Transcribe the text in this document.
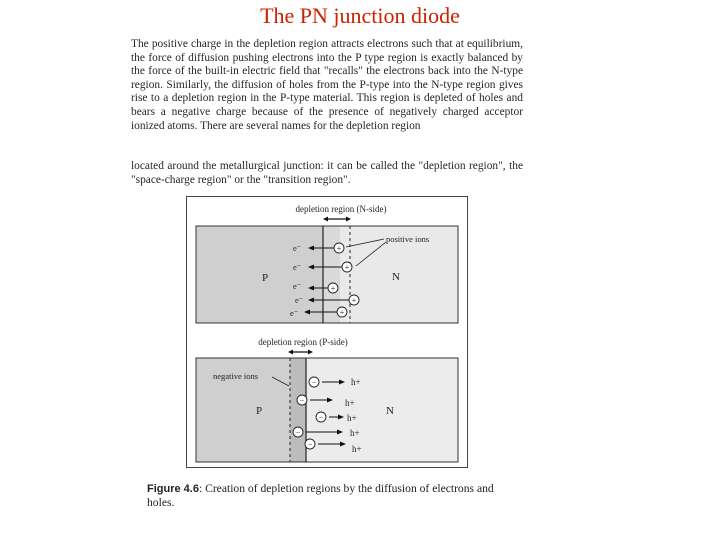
The PN junction diode

The positive charge in the depletion region attracts electrons such that at equilibrium, the force of diffusion pushing electrons into the P type region is exactly balanced by the force of the built-in electric field that "recalls" the electrons back into the N-type region. Similarly, the diffusion of holes from the P-type into the N-type region gives rise to a depletion region in the P-type material. This region is depleted of holes and bears a negative charge because of the presence of negatively charged acceptor ionized atoms. There are several names for the depletion region

located around the metallurgical junction: it can be called the "depletion region", the "space-charge region" or the "transition region".

depletion region (N-side)
P	N
positive ions
e⁻	+
e⁻	+
e⁻	+
e⁻	+
e⁻	+
depletion region (P-side)
negative ions
P	N
−	h+
−	h+
−	h+
−	h+
−	h+

Figure 4.6: Creation of depletion regions by the diffusion of electrons and holes.
